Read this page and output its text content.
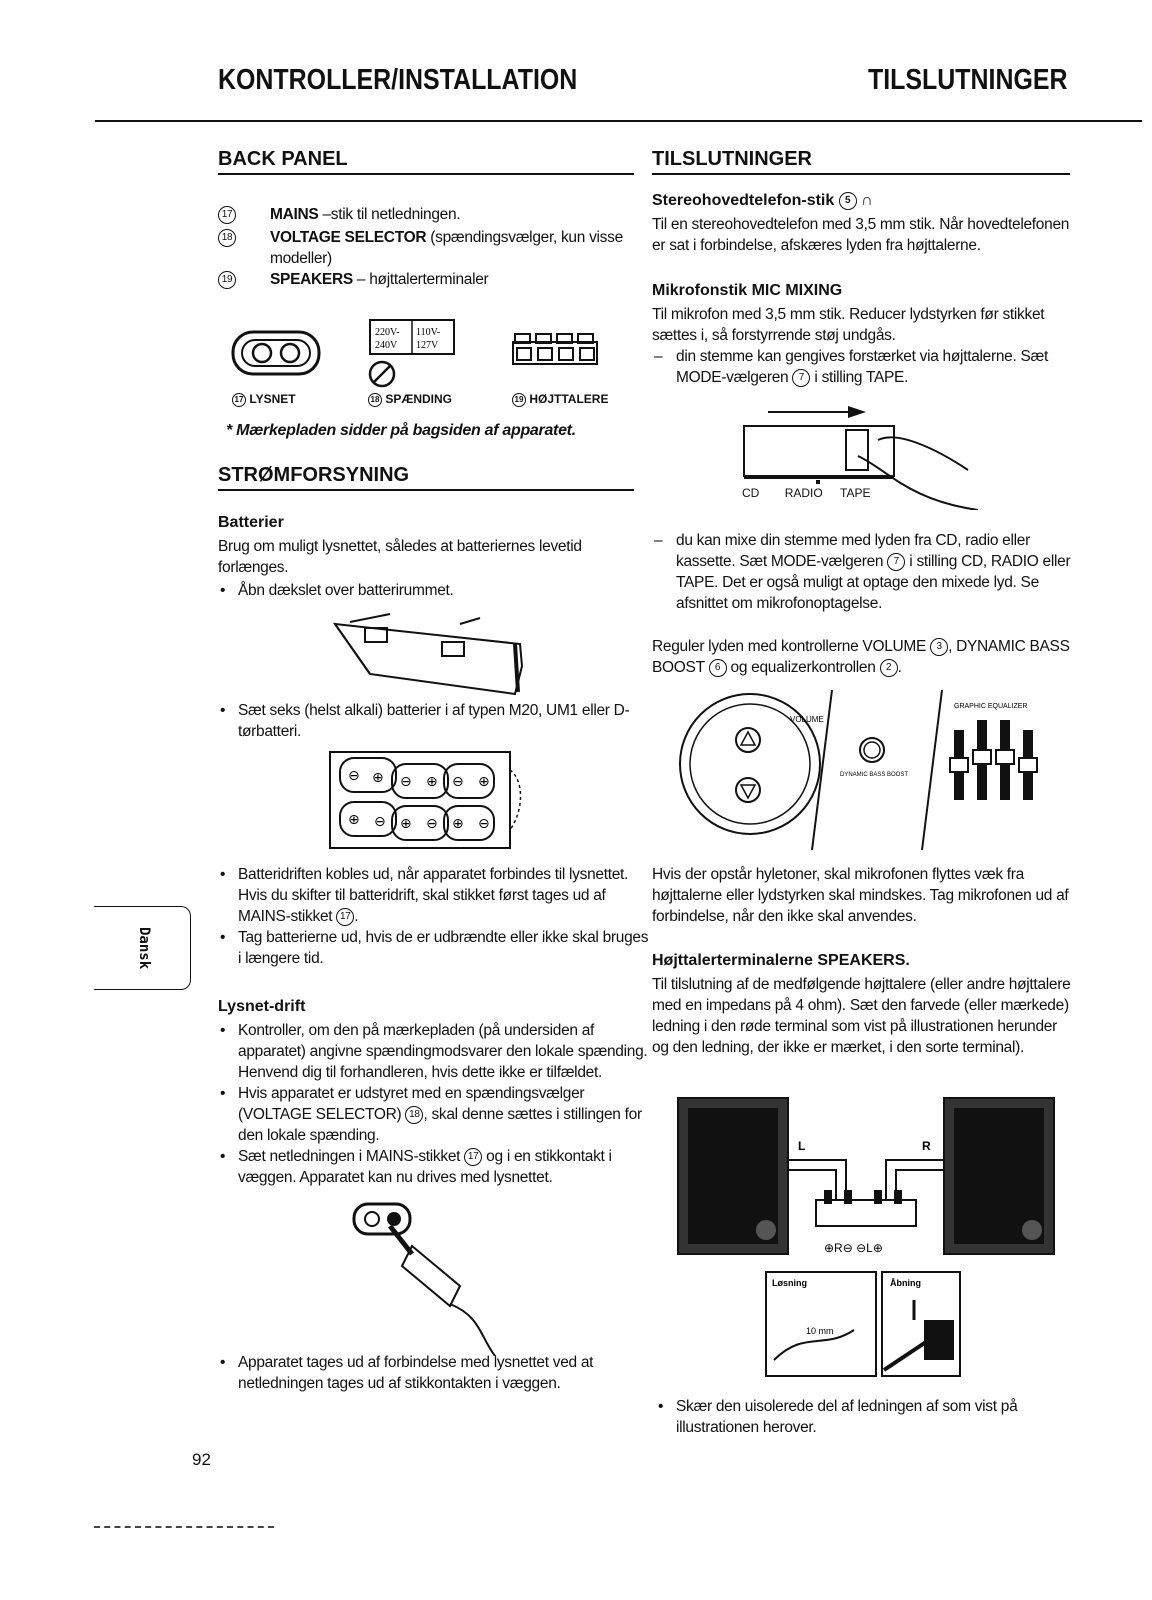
KONTROLLER/INSTALLATION	TILSLUTNINGER
BACK PANEL
17 MAINS –stik til netledningen.
18 VOLTAGE SELECTOR (spændingsvælger, kun visse modeller)
19 SPEAKERS – højttalerterminaler
220V-
240V
110V-
127V
17 LYSNET	18 SPÆNDING	19 HØJTTALERE
* Mærkepladen sidder på bagsiden af apparatet.
STRØMFORSYNING
Batterier
Brug om muligt lysnettet, således at batteriernes levetid forlænges.
• Åbn dækslet over batterirummet.
• Sæt seks (helst alkali) batterier i af typen M20, UM1 eller D-tørbatteri.
⊖ ⊕
⊕ ⊖
⊖ ⊕
⊕ ⊖
⊖ ⊕
⊕ ⊖
• Batteridriften kobles ud, når apparatet forbindes til lysnettet. Hvis du skifter til batteridrift, skal stikket først tages ud af MAINS-stikket 17 .
• Tag batterierne ud, hvis de er udbrændte eller ikke skal bruges i længere tid.
Lysnet-drift
• Kontroller, om den på mærkepladen (på undersiden af apparatet) angivne spændingmodsvarer den lokale spænding. Henvend dig til forhandleren, hvis dette ikke er tilfældet.
• Hvis apparatet er udstyret med en spændingsvælger (VOLTAGE SELECTOR) 18 , skal denne sættes i stillingen for den lokale spænding.
• Sæt netledningen i MAINS-stikket 17 og i en stikkontakt i væggen. Apparatet kan nu drives med lysnettet.
• Apparatet tages ud af forbindelse med lysnettet ved at netledningen tages ud af stikkontakten i væggen.
TILSLUTNINGER
Stereohovedtelefon-stik 5 ∩
Til en stereohovedtelefon med 3,5 mm stik. Når hovedtelefonen er sat i forbindelse, afskæres lyden fra højttalerne.
Mikrofonstik MIC MIXING
Til mikrofon med 3,5 mm stik. Reducer lydstyrken før stikket sættes i, så forstyrrende støj undgås.
– din stemme kan gengives forstærket via højttalerne. Sæt MODE-vælgeren 7 i stilling TAPE.
CD RADIO TAPE
– du kan mixe din stemme med lyden fra CD, radio eller kassette. Sæt MODE-vælgeren 7 i stilling CD, RADIO eller TAPE. Det er også muligt at optage den mixede lyd. Se afsnittet om mikrofonoptagelse.
Reguler lyden med kontrollerne VOLUME 3 , DYNAMIC BASS BOOST 6 og equalizerkontrollen 2 .
VOLUME
DYNAMIC BASS BOOST
GRAPHIC EQUALIZER
Hvis der opstår hyletoner, skal mikrofonen flyttes væk fra højttalerne eller lydstyrken skal mindskes. Tag mikrofonen ud af forbindelse, når den ikke skal anvendes.
Højttalerterminalerne SPEAKERS.
Til tilslutning af de medfølgende højttalere (eller andre højttalere med en impedans på 4 ohm). Sæt den farvede (eller mærkede) ledning i den røde terminal som vist på illustrationen herunder og den ledning, der ikke er mærket, i den sorte terminal).
L	R
⊕R⊖ ⊖L⊕
Løsning	Åbning
10 mm
• Skær den uisolerede del af ledningen af som vist på illustrationen herover.
Dansk
92
